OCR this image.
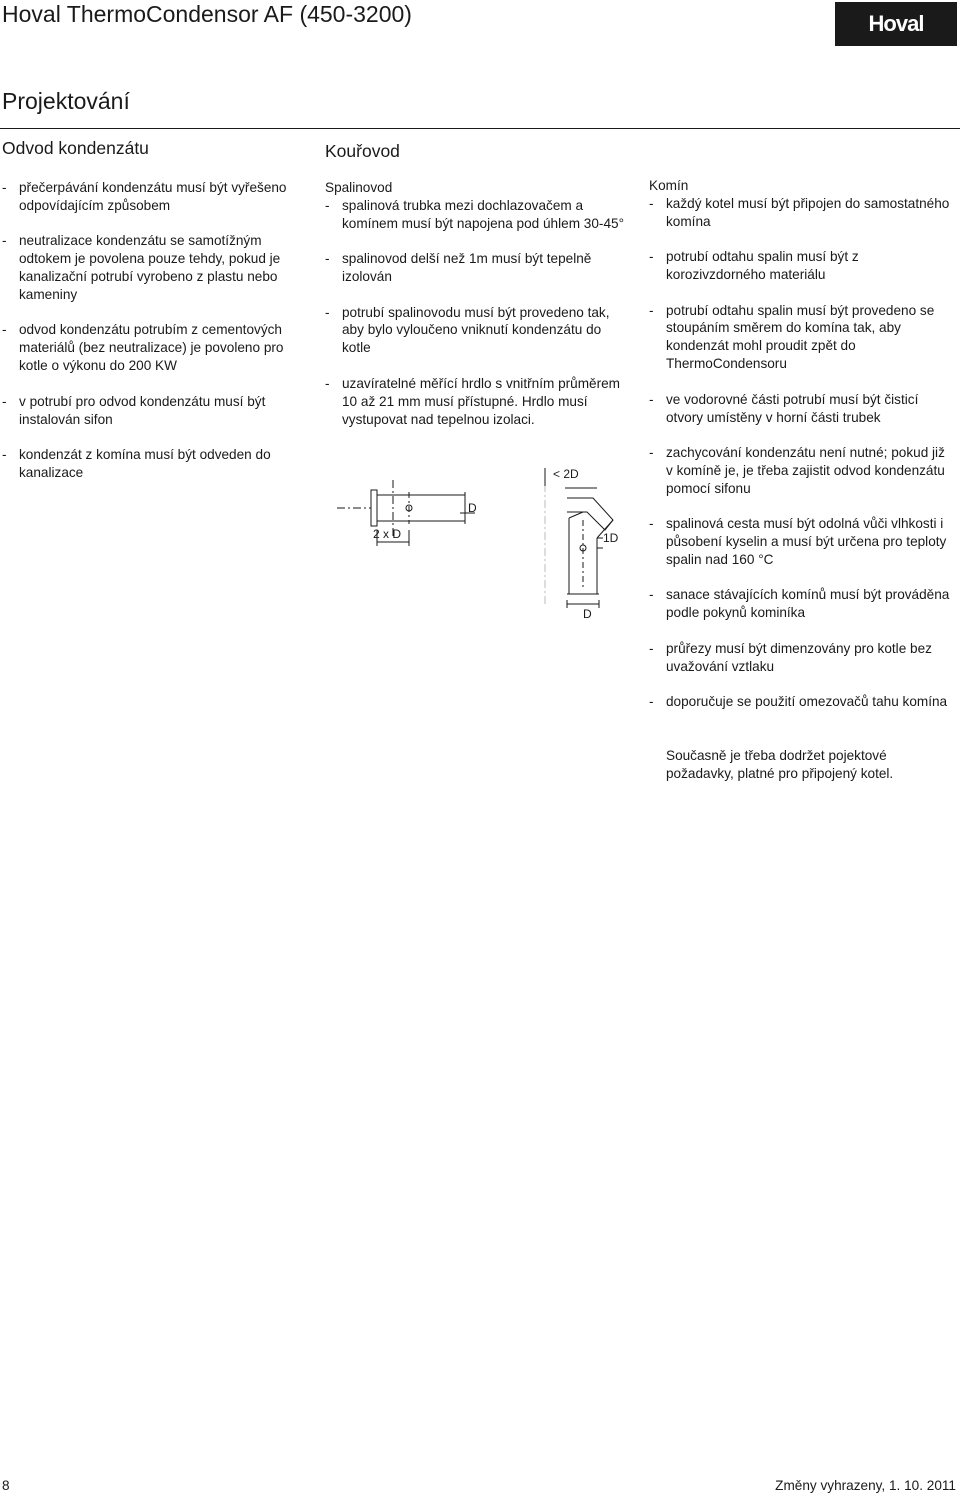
Hoval ThermoCondensor AF (450-3200)	Hoval
Projektování
Odvod kondenzátu
- přečerpávání kondenzátu musí být vyřešeno odpovídajícím způsobem
- neutralizace kondenzátu se samotížným odtokem je povolena pouze tehdy, pokud je kanalizační potrubí vyrobeno z plastu nebo kameniny
- odvod kondenzátu potrubím z cementových materiálů (bez neutralizace) je povoleno pro kotle o výkonu do 200 KW
- v potrubí pro odvod kondenzátu musí být instalován sifon
- kondenzát z komína musí být odveden do kanalizace
Kouřovod
Spalinovod
- spalinová trubka mezi dochlazovačem a komínem musí být napojena pod úhlem 30-45°
- spalinovod delší než 1m musí být tepelně izolován
- potrubí spalinovodu musí být provedeno tak, aby bylo vyloučeno vniknutí kondenzátu do kotle
- uzavíratelné měřící hrdlo s vnitřním průměrem 10 až 21 mm musí přístupné. Hrdlo musí vystupovat nad tepelnou izolaci.
D
2 x D
< 2D
1D
D
Komín
- každý kotel musí být připojen do samostatného komína
- potrubí odtahu spalin musí být z korozivzdorného materiálu
- potrubí odtahu spalin musí být provedeno se stoupáním směrem do komína tak, aby kondenzát mohl proudit zpět do ThermoCondensoru
- ve vodorovné části potrubí musí být čisticí otvory umístěny v horní části trubek
- zachycování kondenzátu není nutné; pokud již v komíně je, je třeba zajistit odvod kondenzátu pomocí sifonu
- spalinová cesta musí být odolná vůči vlhkosti i působení kyselin a musí být určena pro teploty spalin nad 160 °C
- sanace stávajících komínů musí být prováděna podle pokynů kominíka
- průřezy musí být dimenzovány pro kotle bez uvažování vztlaku
- doporučuje se použití omezovačů tahu komína
Současně je třeba dodržet pojektové požadavky, platné pro připojený kotel.
8	Změny vyhrazeny, 1. 10. 2011
